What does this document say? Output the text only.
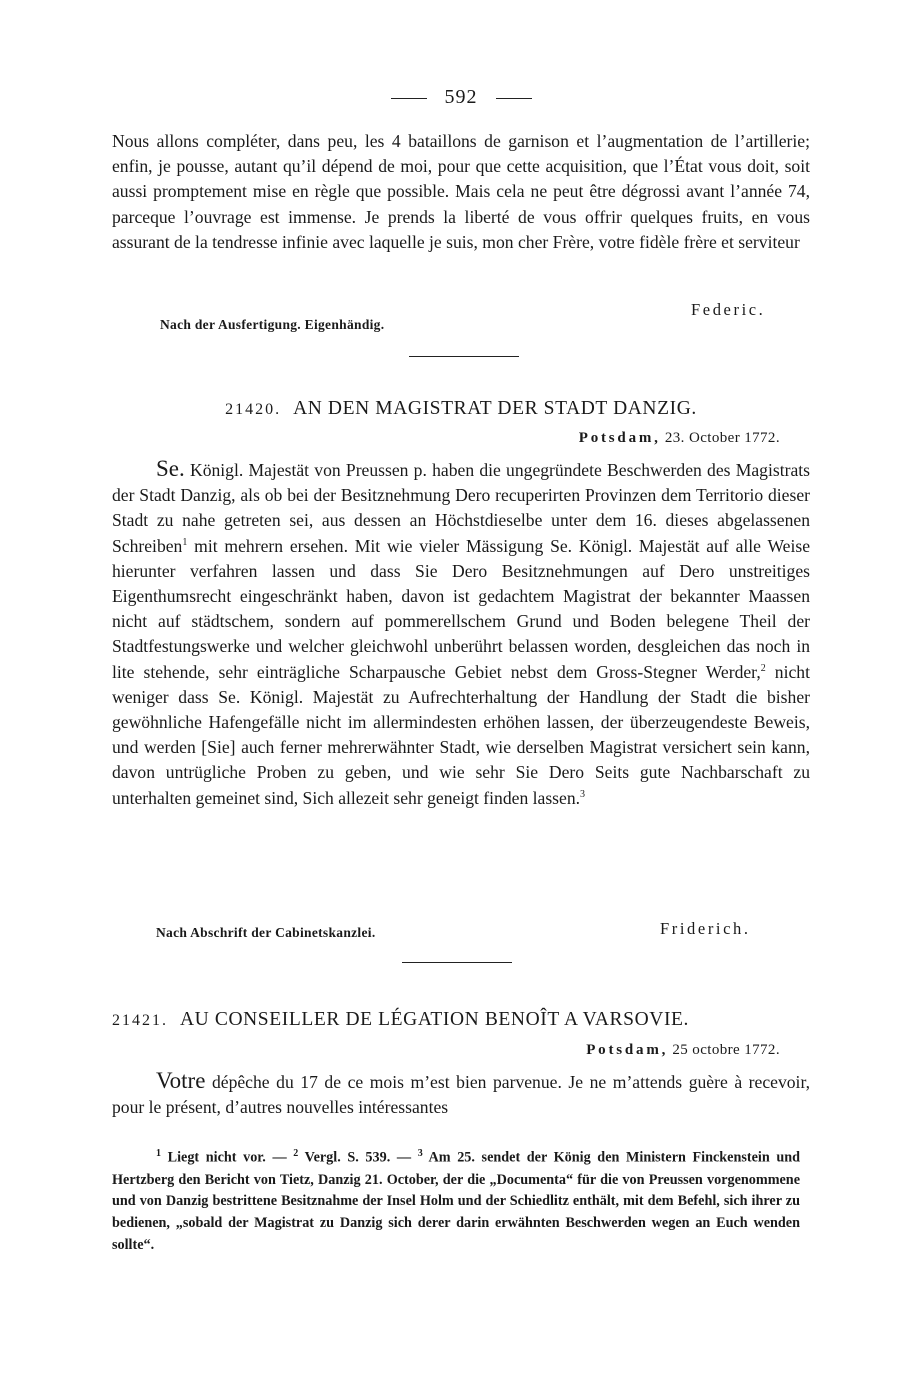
592
Nous allons compléter, dans peu, les 4 bataillons de garnison et l’augmentation de l’artillerie; enfin, je pousse, autant qu’il dépend de moi, pour que cette acquisition, que l’État vous doit, soit aussi promptement mise en règle que possible. Mais cela ne peut être dégrossi avant l’année 74, parceque l’ouvrage est immense. Je prends la liberté de vous offrir quelques fruits, en vous assurant de la tendresse infinie avec laquelle je suis, mon cher Frère, votre fidèle frère et serviteur
Federic.
Nach der Ausfertigung. Eigenhändig.
21420. AN DEN MAGISTRAT DER STADT DANZIG.
Potsdam, 23. October 1772.
Se. Königl. Majestät von Preussen p. haben die ungegründete Beschwerden des Magistrats der Stadt Danzig, als ob bei der Besitznehmung Dero recuperirten Provinzen dem Territorio dieser Stadt zu nahe getreten sei, aus dessen an Höchstdieselbe unter dem 16. dieses abgelassenen Schreiben$^1$ mit mehrern ersehen. Mit wie vieler Mässigung Se. Königl. Majestät auf alle Weise hierunter verfahren lassen und dass Sie Dero Besitznehmungen auf Dero unstreitiges Eigenthumsrecht eingeschränkt haben, davon ist gedachtem Magistrat der bekannter Maassen nicht auf städtschem, sondern auf pommerellschem Grund und Boden belegene Theil der Stadtfestungswerke und welcher gleichwohl unberührt belassen worden, desgleichen das noch in lite stehende, sehr einträgliche Scharpausche Gebiet nebst dem Gross-Stegner Werder,$^2$ nicht weniger dass Se. Königl. Majestät zu Aufrechterhaltung der Handlung der Stadt die bisher gewöhnliche Hafengefälle nicht im allermindesten erhöhen lassen, der überzeugendeste Beweis, und werden [Sie] auch ferner mehrerwähnter Stadt, wie derselben Magistrat versichert sein kann, davon untrügliche Proben zu geben, und wie sehr Sie Dero Seits gute Nachbarschaft zu unterhalten gemeinet sind, Sich allezeit sehr geneigt finden lassen.$^3$
Friderich.
Nach Abschrift der Cabinetskanzlei.
21421. AU CONSEILLER DE LÉGATION BENOÎT A VARSOVIE.
Potsdam, 25 octobre 1772.
Votre dépêche du 17 de ce mois m’est bien parvenue. Je ne m’attends guère à recevoir, pour le présent, d’autres nouvelles intéressantes
$^1$ Liegt nicht vor. — $^2$ Vergl. S. 539. — $^3$ Am 25. sendet der König den Ministern Finckenstein und Hertzberg den Bericht von Tietz, Danzig 21. October, der die „Documenta“ für die von Preussen vorgenommene und von Danzig bestrittene Besitznahme der Insel Holm und der Schiedlitz enthält, mit dem Befehl, sich ihrer zu bedienen, „sobald der Magistrat zu Danzig sich derer darin erwähnten Beschwerden wegen an Euch wenden sollte“.
